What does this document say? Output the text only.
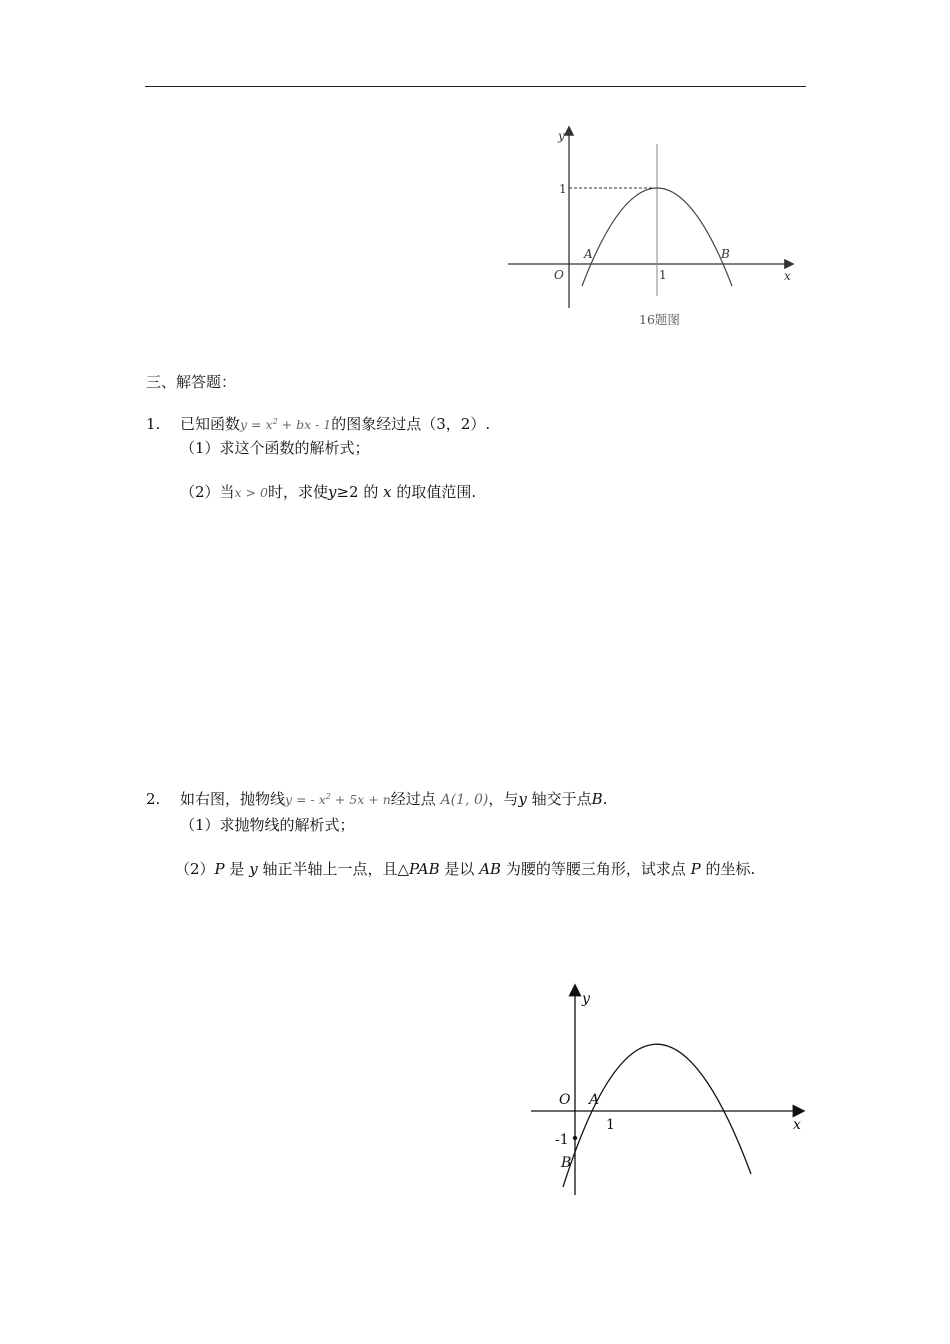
y
x
O
1
1
A	B
16题图
三、解答题：
1. 已知函数$y = x^2$ + bx - 1的图象经过点（3，2）.
（1）求这个函数的解析式；
（2）当x > 0时，求使y≥2 的 x 的取值范围.
2. 如右图，抛物线y = - $x^2 + 5x + n$经过点 A(1, 0)，与y 轴交于点B.
（1）求抛物线的解析式；
（2）P 是 y 轴正半轴上一点，且△PAB 是以 AB 为腰的等腰三角形，试求点 P 的坐标.
y
x
O A
1
-1
B
